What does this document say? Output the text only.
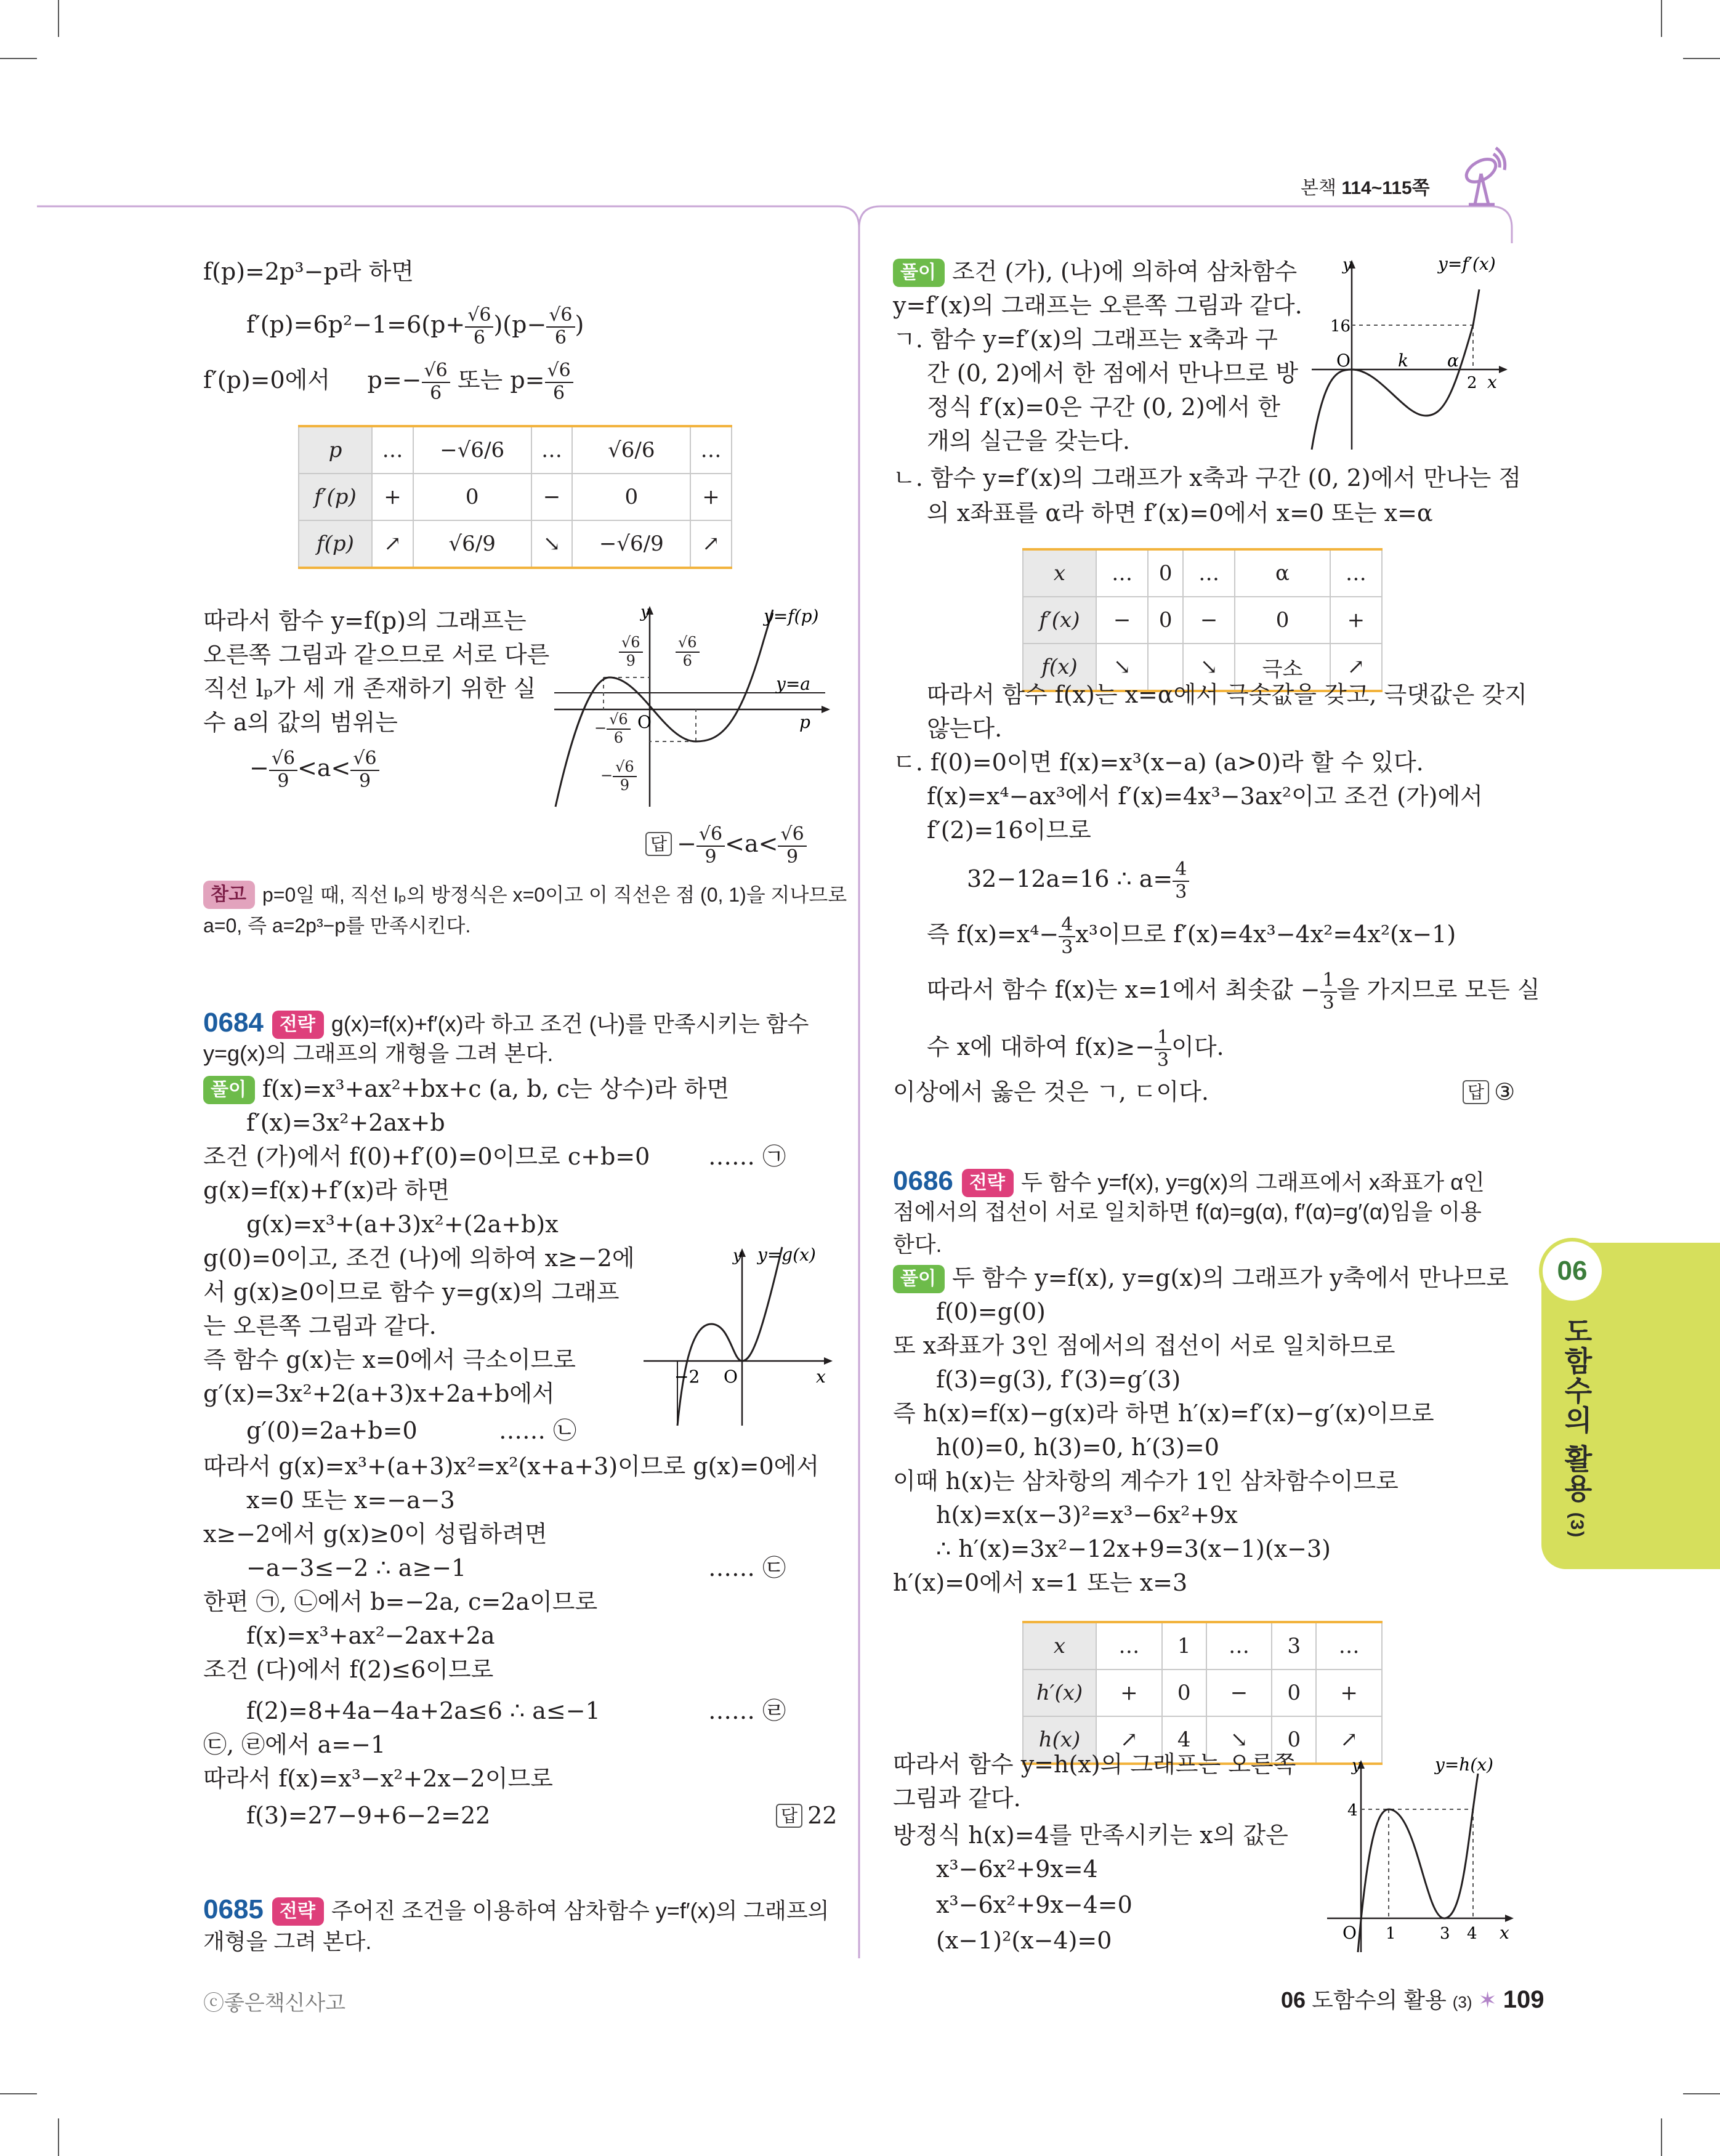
본책 114~115쪽
06
도함수의 활용 (3)
f(p)=2p³−p라 하면
$f'(p)=6p^2-1=6(p+ \frac{√6}{6} )(p- \frac{√6}{6}$ )
f′(p)=0에서 $p=- \frac{√6}{6}$ 또는 $p= \frac{√6}{6}$
p	…	−√6/6	…	√6/6	…
f′(p)	+	0	−	0	+
f(p)	↗	√6/9	↘	−√6/9	↗
따라서 함수 y=f(p)의 그래프는
오른쪽 그림과 같으므로 서로 다른
직선 lₚ가 세 개 존재하기 위한 실
수 a의 값의 범위는
− $\frac{√6}{9} <a< \frac{√6}{9}$
y	y=f(p)
y=a
p
O
$\frac{√6}{9} \frac{√6}{6}$
− $\frac{√6}{6}$
− $\frac{√6}{9}$
답 − $\frac{√6}{9} <a< \frac{√6}{9}$
참고 p=0일 때, 직선 lₚ의 방정식은 x=0이고 이 직선은 점 (0, 1)을 지나므로
a=0, 즉 a=2p³−p를 만족시킨다.
0684 전략 g(x)=f(x)+f′(x)라 하고 조건 (나)를 만족시키는 함수
y=g(x)의 그래프의 개형을 그려 본다.
풀이 f(x)=x³+ax²+bx+c (a, b, c는 상수)라 하면
f′(x)=3x²+2ax+b
조건 (가)에서 f(0)+f′(0)=0이므로 c+b=0 …… ㉠
g(x)=f(x)+f′(x)라 하면
g(x)=x³+(a+3)x²+(2a+b)x
g(0)=0이고, 조건 (나)에 의하여 x≥−2에
서 g(x)≥0이므로 함수 y=g(x)의 그래프
는 오른쪽 그림과 같다.
즉 함수 g(x)는 x=0에서 극소이므로
g′(x)=3x²+2(a+3)x+2a+b에서
g′(0)=2a+b=0	…… ㉡
따라서 g(x)=x³+(a+3)x²=x²(x+a+3)이므로 g(x)=0에서
x=0 또는 x=−a−3
x≥−2에서 g(x)≥0이 성립하려면
−a−3≤−2 ∴ a≥−1	…… ㉢
한편 ㉠, ㉡에서 b=−2a, c=2a이므로
f(x)=x³+ax²−2ax+2a
조건 (다)에서 f(2)≤6이므로
f(2)=8+4a−4a+2a≤6 ∴ a≤−1	…… ㉣
㉢, ㉣에서 a=−1
따라서 f(x)=x³−x²+2x−2이므로
f(3)=27−9+6−2=22	답 22
y y=g(x)
O	x
−2
0685 전략 주어진 조건을 이용하여 삼차함수 y=f′(x)의 그래프의
개형을 그려 본다.
풀이 조건 (가), (나)에 의하여 삼차함수
y=f′(x)의 그래프는 오른쪽 그림과 같다.
ㄱ. 함수 y=f′(x)의 그래프는 x축과 구
간 (0, 2)에서 한 점에서 만나므로 방
정식 f′(x)=0은 구간 (0, 2)에서 한
개의 실근을 갖는다.
ㄴ. 함수 y=f′(x)의 그래프가 x축과 구간 (0, 2)에서 만나는 점
의 x좌표를 α라 하면 f′(x)=0에서 x=0 또는 x=α
y	y=f′(x)
16
O	k α
2 x
x	…	0	…	α	…
f′(x)	−	0	−	0	+
f(x)	↘		↘	극소	↗
따라서 함수 f(x)는 x=α에서 극솟값을 갖고, 극댓값은 갖지
않는다.
ㄷ. f(0)=0이면 f(x)=x³(x−a) (a>0)라 할 수 있다.
f(x)=x⁴−ax³에서 f′(x)=4x³−3ax²이고 조건 (가)에서
f′(2)=16이므로
32−12a=16 ∴ $a= \frac{4}{3}$
즉 $f(x)=x^4- \frac{4}{3} x^3$이므로 f′(x)=4x³−4x²=4x²(x−1)
따라서 함수 f(x)는 x=1에서 최솟값 − $\frac{1}{3}$ 을 가지므로 모든 실
수 x에 대하여 $f(x)\ge- \frac{1}{3}$ 이다.
이상에서 옳은 것은 ㄱ, ㄷ이다.	답 ③
0686 전략 두 함수 y=f(x), y=g(x)의 그래프에서 x좌표가 α인
점에서의 접선이 서로 일치하면 f(α)=g(α), f′(α)=g′(α)임을 이용
한다.
풀이 두 함수 y=f(x), y=g(x)의 그래프가 y축에서 만나므로
f(0)=g(0)
또 x좌표가 3인 점에서의 접선이 서로 일치하므로
f(3)=g(3), f′(3)=g′(3)
즉 h(x)=f(x)−g(x)라 하면 h′(x)=f′(x)−g′(x)이므로
h(0)=0, h(3)=0, h′(3)=0
이때 h(x)는 삼차항의 계수가 1인 삼차함수이므로
h(x)=x(x−3)²=x³−6x²+9x
∴ h′(x)=3x²−12x+9=3(x−1)(x−3)
h′(x)=0에서 x=1 또는 x=3
x	…	1	…	3	…
h′(x)	+	0	−	0	+
h(x)	↗	4	↘	0	↗
따라서 함수 y=h(x)의 그래프는 오른쪽
그림과 같다.
방정식 h(x)=4를 만족시키는 x의 값은
x³−6x²+9x=4
x³−6x²+9x−4=0
(x−1)²(x−4)=0
y	y=h(x)
4
O 1	3 4 x
ⓒ좋은책신사고	06 도함수의 활용 (3) ✶ 109
